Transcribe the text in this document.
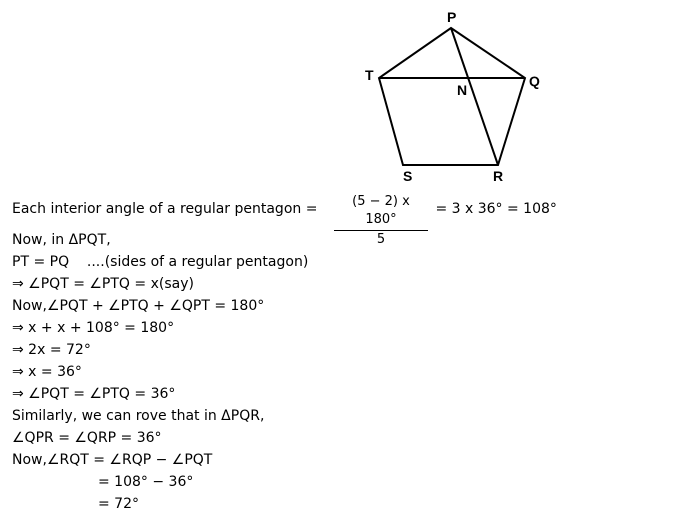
P
Q
R
S
T
N
Each interior angle of a regular pentagon = $\frac{(5 - 2) x 180^\circ}{5} = 3$ x 36° = 108°
Now, in ΔPQT,
PT = PQ    ....(sides of a regular pentagon)
⇒ ∠PQT = ∠PTQ = x(say)
Now,∠PQT + ∠PTQ + ∠QPT = 180°
⇒ x + x + 108° = 180°
⇒ 2x = 72°
⇒ x = 36°
⇒ ∠PQT = ∠PTQ = 36°
Similarly, we can rove that in ΔPQR,
∠QPR = ∠QRP = 36°
Now,∠RQT = ∠RQP − ∠PQT
= 108° − 36°
= 72°
